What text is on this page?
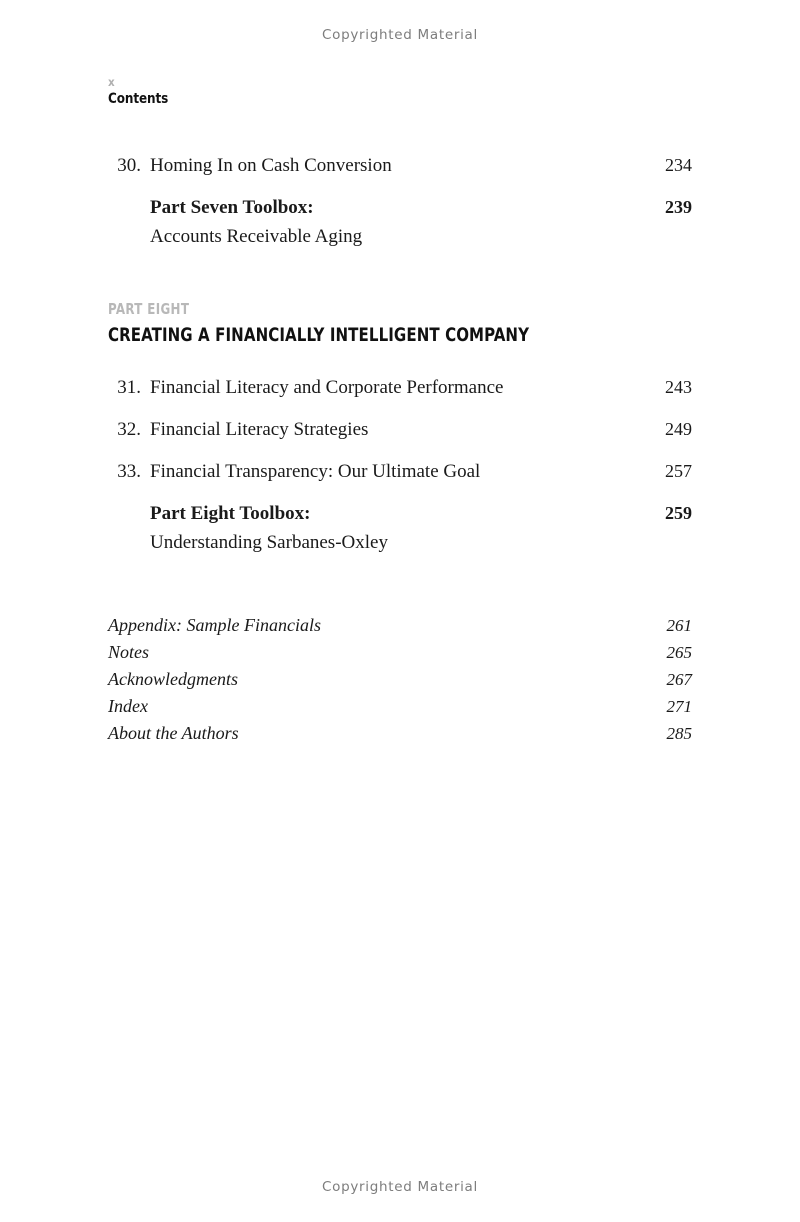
Copyrighted Material
x
Contents
30. Homing In on Cash Conversion	234
Part Seven Toolbox:	239
Accounts Receivable Aging
PART EIGHT
CREATING A FINANCIALLY INTELLIGENT COMPANY
31. Financial Literacy and Corporate Performance	243
32. Financial Literacy Strategies	249
33. Financial Transparency: Our Ultimate Goal	257
Part Eight Toolbox:	259
Understanding Sarbanes-Oxley
Appendix: Sample Financials	261
Notes	265
Acknowledgments	267
Index	271
About the Authors	285
Copyrighted Material
